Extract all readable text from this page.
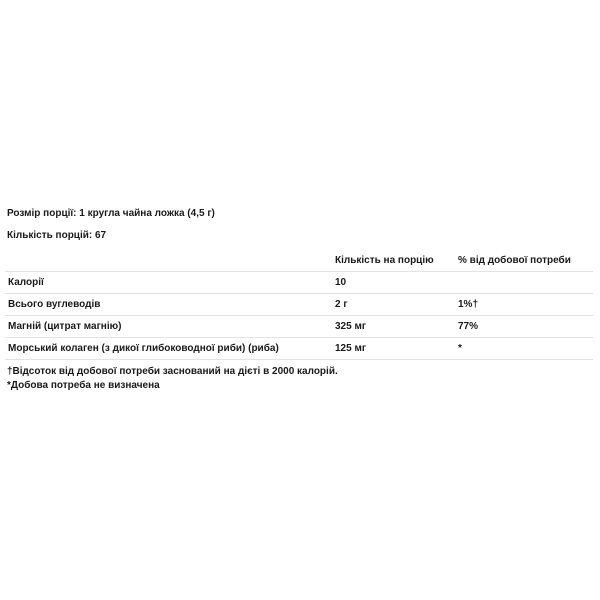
Розмір порції: 1 кругла чайна ложка (4,5 г)
Кількість порцій: 67
	Кількість на порцію	% від добової потреби
Калорії	10	
Всього вуглеводів	2 г	1%†
Магній (цитрат магнію)	325 мг	77%
Морський колаген (з дикої глибоководної риби) (риба)	125 мг	*
†Відсоток від добової потреби заснований на дієті в 2000 калорій.
*Добова потреба не визначена
